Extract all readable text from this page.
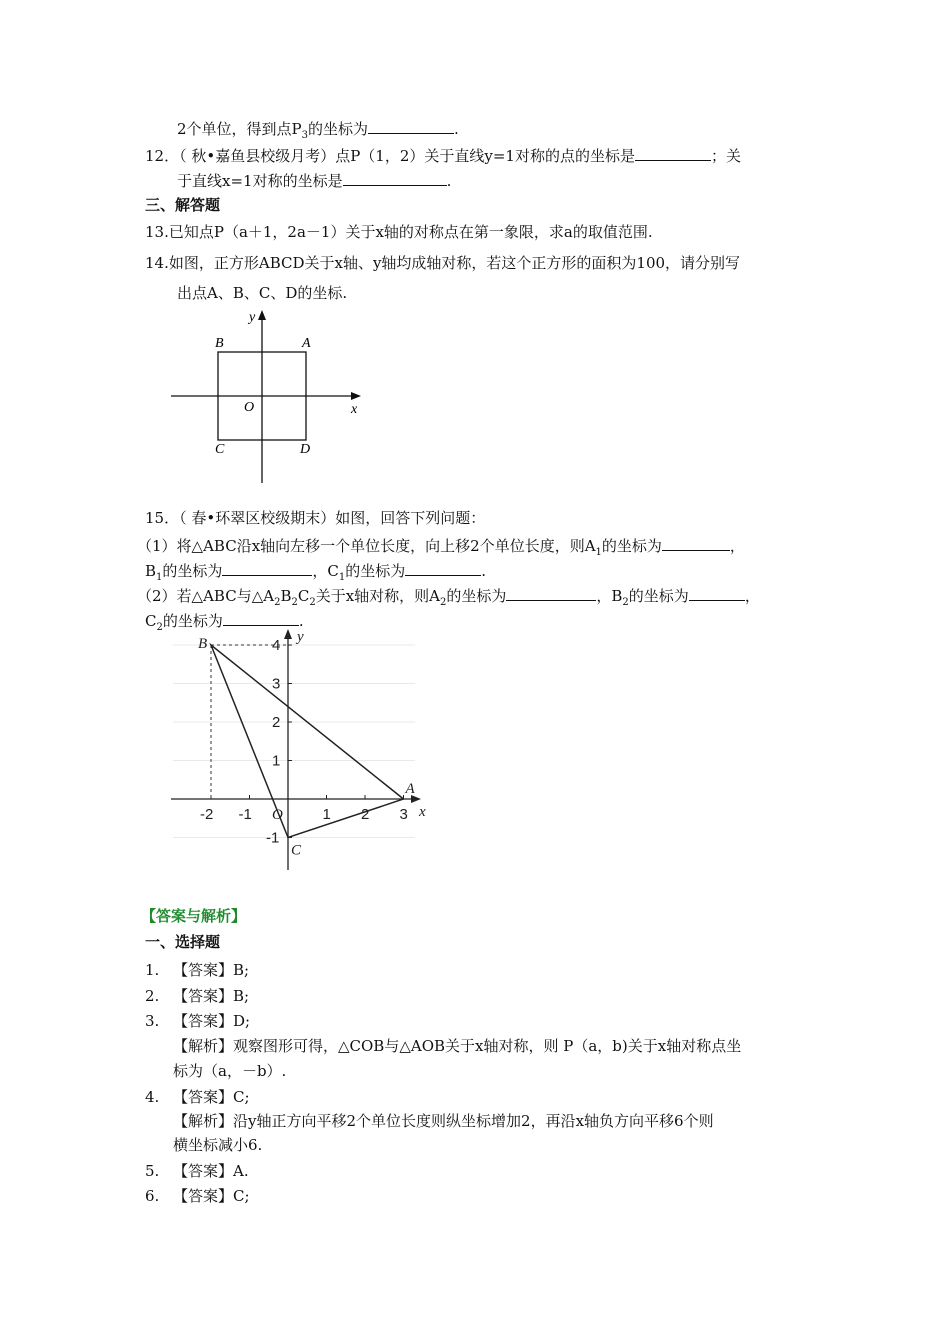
2个单位，得到点$P_3$的坐标为	.
12．（ 秋•嘉鱼县校级月考）点P（1，2）关于直线y=1对称的点的坐标是	；关
于直线x=1对称的坐标是	.
三、解答题
13.已知点P（a＋1，2a－1）关于x轴的对称点在第一象限，求a的取值范围.
14.如图，正方形ABCD关于x轴、y轴均成轴对称，若这个正方形的面积为100，请分别写
出点A、B、C、D的坐标.
y
x
O
A
B
C	D
15．（ 春•环翠区校级期末）如图，回答下列问题：
（1）将△ABC沿x轴向左移一个单位长度，向上移2个单位长度，则$A_1$的坐标为	，
$B_1$的坐标为	，$C_1$的坐标为	.
（2）若△ABC与$\triangle A_2B_2C_2$关于x轴对称，则$A_2$的坐标为	，$B_2$的坐标为	，
$C_2$的坐标为	.
-2 -1	1 2 3
4
3
2
1
-1
O	x
y
A
B
C
【答案与解析】
一、选择题
1. 【答案】B;
2. 【答案】B;
3. 【答案】D;
【解析】观察图形可得，△COB与△AOB关于x轴对称，则 P（a，b)关于x轴对称点坐
标为（a，－b）.
4. 【答案】C;
【解析】沿y轴正方向平移2个单位长度则纵坐标增加2，再沿x轴负方向平移6个则
横坐标减小6.
5. 【答案】A.
6. 【答案】C;
